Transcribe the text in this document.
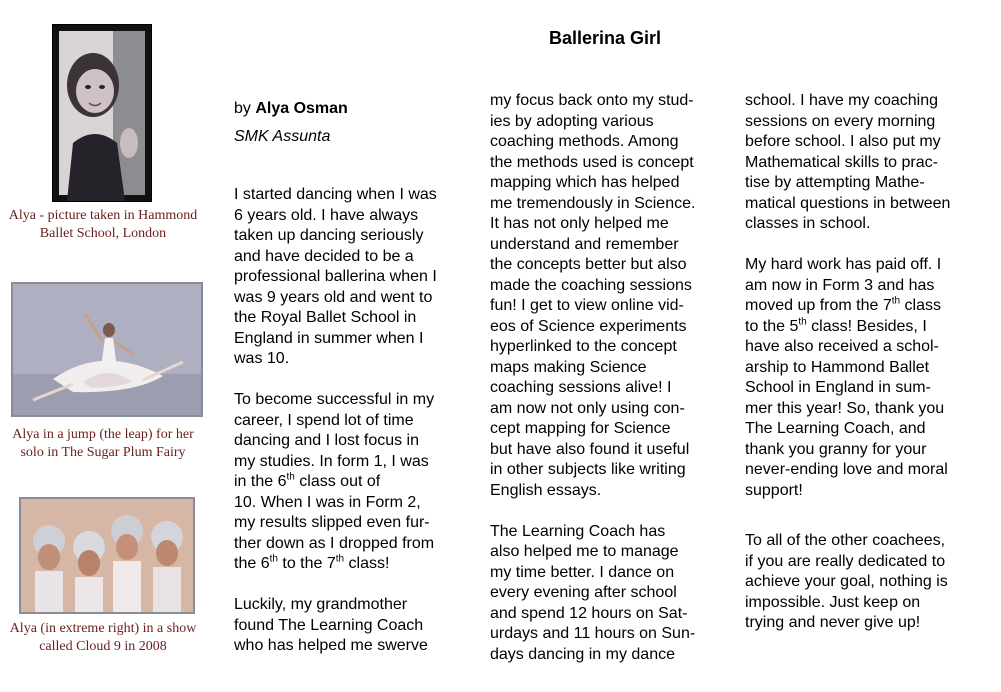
Ballerina Girl

Alya - picture taken in Hammond Ballet School, London

Alya in a jump (the leap) for her solo in The Sugar Plum Fairy

Alya (in extreme right) in a show called Cloud 9 in 2008

by Alya Osman

SMK Assunta

I started dancing when I was
6 years old. I have always
taken up dancing seriously
and have decided to be a
professional ballerina when I
was 9 years old and went to
the Royal Ballet School in
England in summer when I
was 10.

To become successful in my
career, I spend lot of time
dancing and I lost focus in
my studies. In form 1, I was
in the 6th class out of
10. When I was in Form 2,
my results slipped even fur-
ther down as I dropped from
the 6th to the 7th class!

Luckily, my grandmother
found The Learning Coach
who has helped me swerve

my focus back onto my stud-
ies by adopting various
coaching methods. Among
the methods used is concept
mapping which has helped
me tremendously in Science.
It has not only helped me
understand and remember
the concepts better but also
made the coaching sessions
fun! I get to view online vid-
eos of Science experiments
hyperlinked to the concept
maps making Science
coaching sessions alive! I
am now not only using con-
cept mapping for Science
but have also found it useful
in other subjects like writing
English essays.

The Learning Coach has
also helped me to manage
my time better. I dance on
every evening after school
and spend 12 hours on Sat-
urdays and 11 hours on Sun-
days dancing in my dance

school. I have my coaching
sessions on every morning
before school. I also put my
Mathematical skills to prac-
tise by attempting Mathe-
matical questions in between
classes in school.

My hard work has paid off. I
am now in Form 3 and has
moved up from the 7th class
to the 5th class! Besides, I
have also received a schol-
arship to Hammond Ballet
School in England in sum-
mer this year! So, thank you
The Learning Coach, and
thank you granny for your
never-ending love and moral
support!

To all of the other coachees,
if you are really dedicated to
achieve your goal, nothing is
impossible. Just keep on
trying and never give up!
